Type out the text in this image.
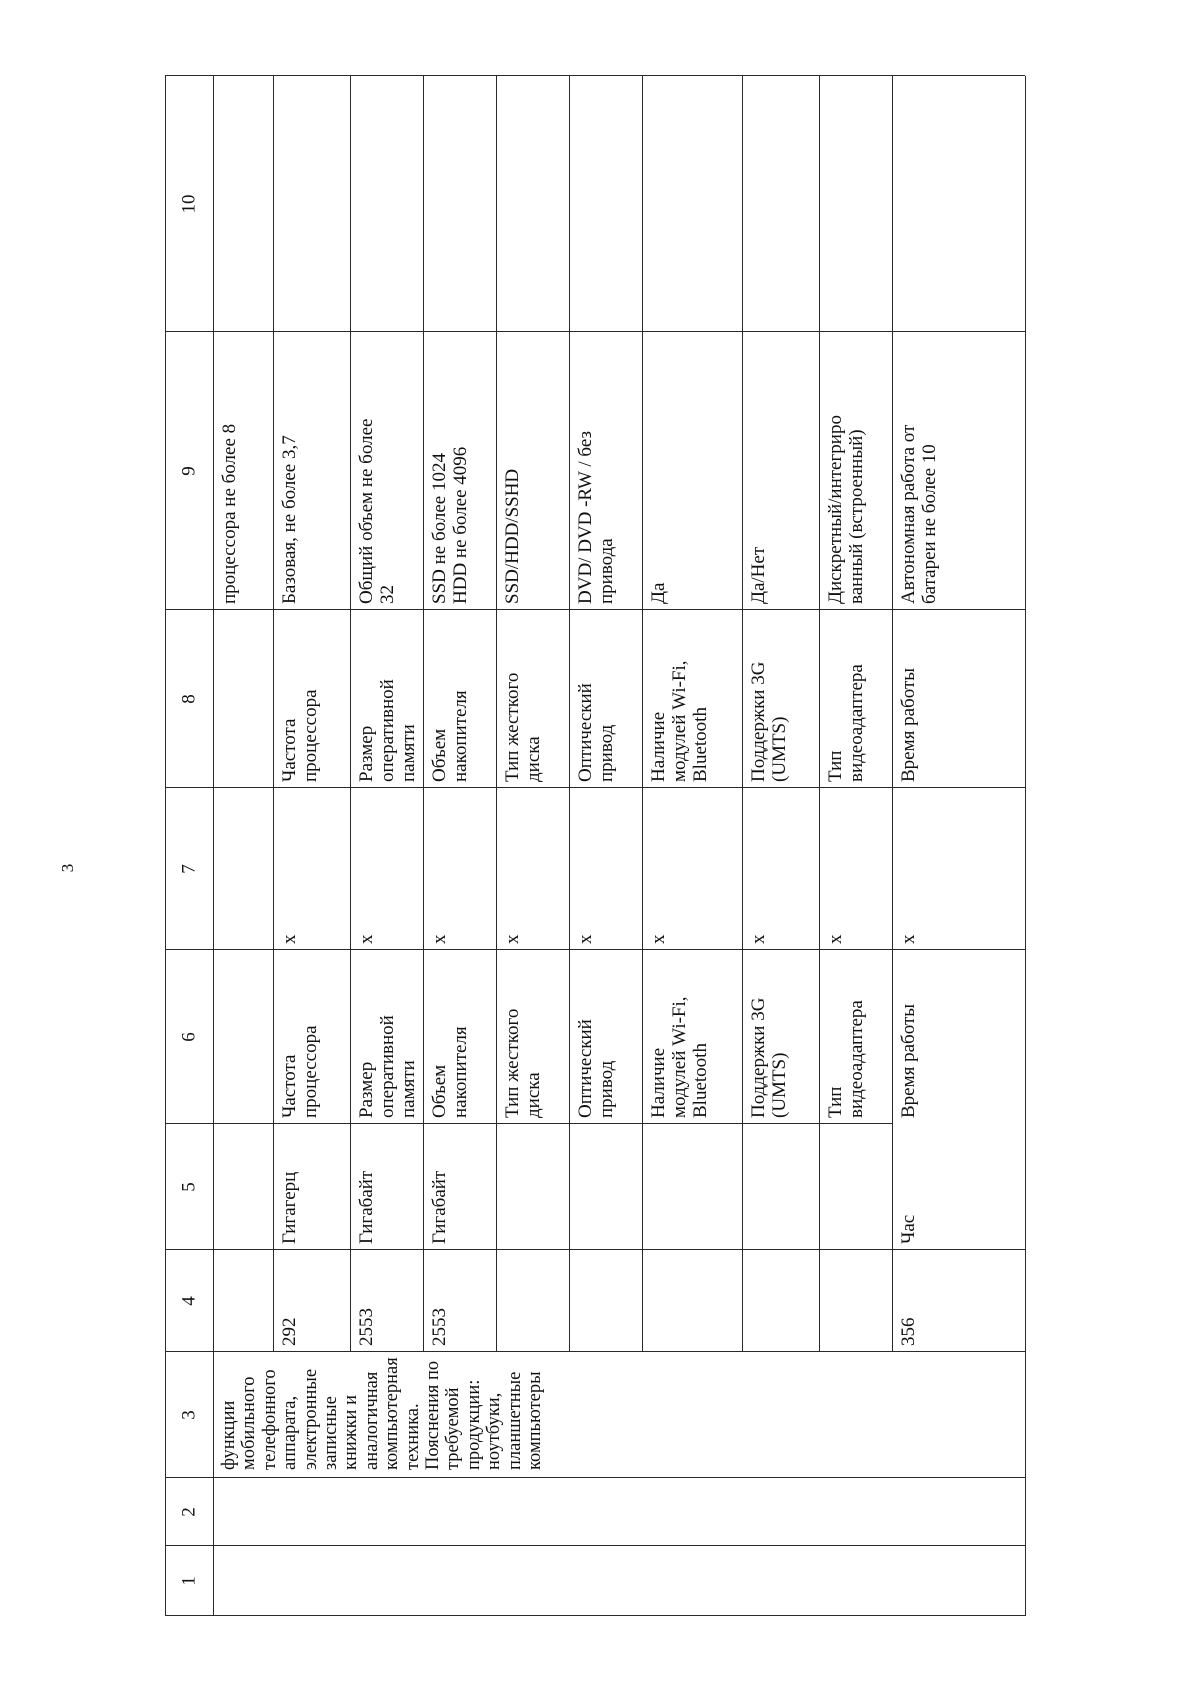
3
функции
мобильного
телефонного
аппарата,
электронные
записные
книжки и
аналогичная
компьютерная
техника.
Пояснения по
требуемой
продукции:
ноутбуки,
планшетные
компьютеры
1
2
3
4
5
6
7
8
9
10
процессора не более 8
292
Гигагерц
Частота
процессора
x
Частота
процессора
Базовая, не более 3,7
2553
Гигабайт
Размер
оперативной
памяти
x
Размер
оперативной
памяти
Общий объем не более
32
2553
Гигабайт
Объем
накопителя
x
Объем
накопителя
SSD не более 1024
HDD не более 4096
Тип жесткого
диска
x
Тип жесткого
диска
SSD/HDD/SSHD
Оптический
привод
x
Оптический
привод
DVD/ DVD -RW / без
привода
Наличие
модулей Wi-Fi,
Bluetooth
x
Наличие
модулей Wi-Fi,
Bluetooth
Да
Поддержки 3G
(UMTS)
x
Поддержки 3G
(UMTS)
Да/Нет
Тип
видеоадаптера
x
Тип
видеоадаптера
Дискретный/интегриро
ванный (встроенный)
356
Час
Время работы
x
Время работы
Автономная работа от
батареи не более 10
